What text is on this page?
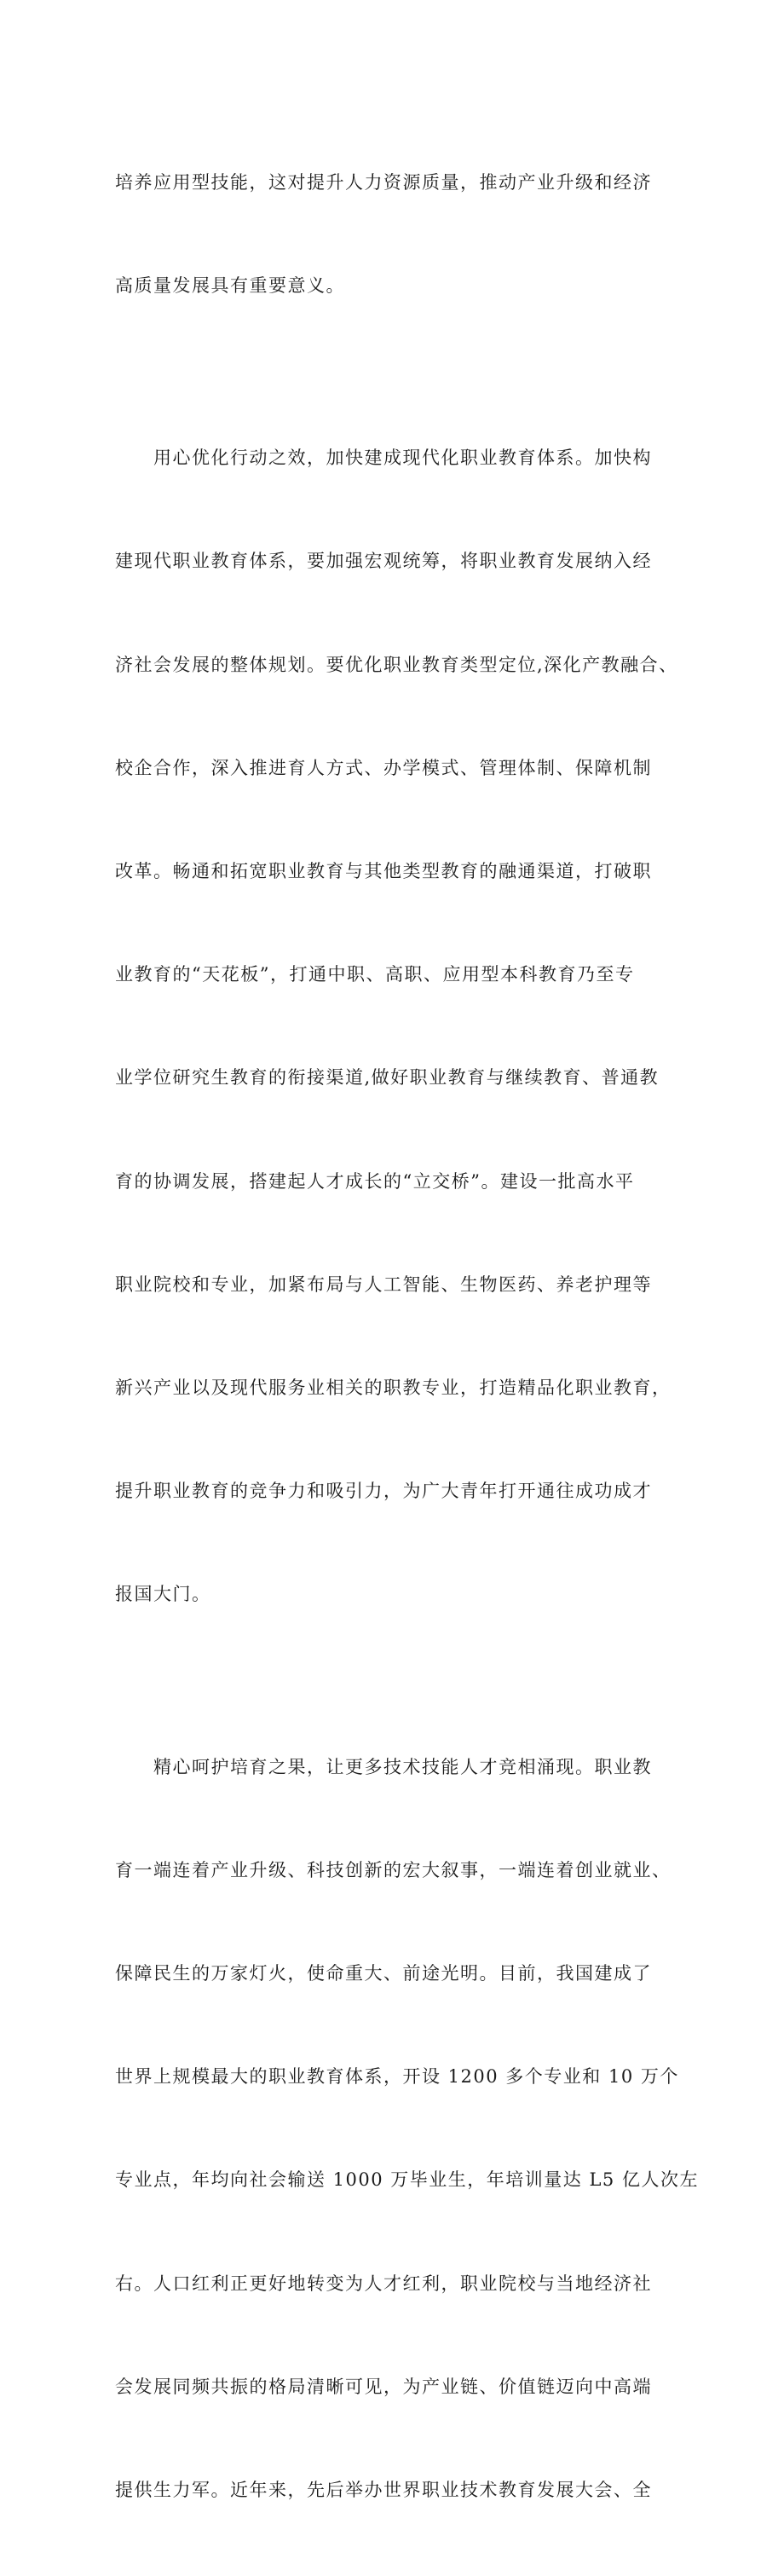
培养应用型技能，这对提升人力资源质量，推动产业升级和经济

高质量发展具有重要意义。

　　用心优化行动之效，加快建成现代化职业教育体系。加快构

建现代职业教育体系，要加强宏观统筹，将职业教育发展纳入经

济社会发展的整体规划。要优化职业教育类型定位,深化产教融合、

校企合作，深入推进育人方式、办学模式、管理体制、保障机制

改革。畅通和拓宽职业教育与其他类型教育的融通渠道，打破职

业教育的“天花板”，打通中职、高职、应用型本科教育乃至专

业学位研究生教育的衔接渠道,做好职业教育与继续教育、普通教

育的协调发展，搭建起人才成长的“立交桥”。建设一批高水平

职业院校和专业，加紧布局与人工智能、生物医药、养老护理等

新兴产业以及现代服务业相关的职教专业，打造精品化职业教育，

提升职业教育的竞争力和吸引力，为广大青年打开通往成功成才

报国大门。

　　精心呵护培育之果，让更多技术技能人才竞相涌现。职业教

育一端连着产业升级、科技创新的宏大叙事，一端连着创业就业、

保障民生的万家灯火，使命重大、前途光明。目前，我国建成了

世界上规模最大的职业教育体系，开设 1200 多个专业和 10 万个

专业点，年均向社会输送 1000 万毕业生，年培训量达 L5 亿人次左

右。人口红利正更好地转变为人才红利，职业院校与当地经济社

会发展同频共振的格局清晰可见，为产业链、价值链迈向中高端

提供生力军。近年来，先后举办世界职业技术教育发展大会、全
